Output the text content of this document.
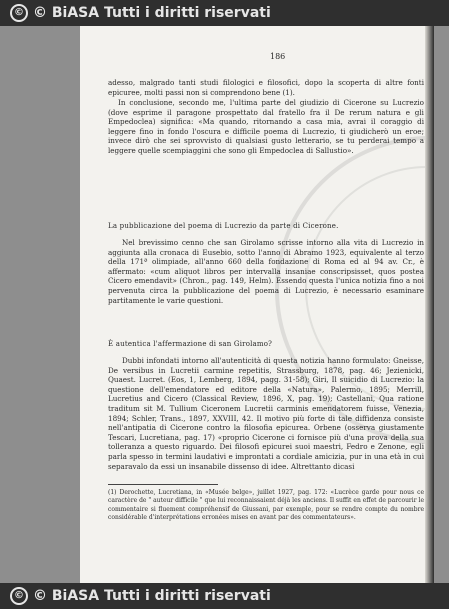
© © BiASA Tutti i diritti riservati
186
adesso, malgrado tanti studi filologici e filosofici, dopo la scoperta di altre fonti epicuree, molti passi non si comprendono bene (1).
In conclusione, secondo me, l'ultima parte del giudizio di Cicerone su Lucrezio (dove esprime il paragone prospettato dal fratello fra il De rerum natura e gli Empedoclea) significa: «Ma quando, ritornando a casa mia, avrai il coraggio di leggere fino in fondo l'oscura e difficile poema di Lucrezio, ti giudicherò un eroe; invece dirò che sei sprovvisto di qualsiasi gusto letterario, se tu perderai tempo a leggere quelle scempiaggini che sono gli Empedoclea di Sallustio».
La pubblicazione del poema di Lucrezio da parte di Cicerone.
Nel brevissimo cenno che san Girolamo scrisse intorno alla vita di Lucrezio in aggiunta alla cronaca di Eusebio, sotto l'anno di Abramo 1923, equivalente al terzo della 171ª olimpiade, all'anno 660 della fondazione di Roma ed al 94 av. Cr., è affermato: «cum aliquot libros per intervalla insaniae conscripsisset, quos postea Cicero emendavit» (Chron., pag. 149, Helm). Essendo questa l'unica notizia fino a noi pervenuta circa la pubblicazione del poema di Lucrezio, è necessario esaminare partitamente le varie questioni.
È autentica l'affermazione di san Girolamo?
Dubbi infondati intorno all'autenticità di questa notizia hanno formulato: Gneisse, De versibus in Lucretii carmine repetitis, Strassburg, 1878, pag. 46; Jezienicki, Quaest. Lucret. (Eos, 1, Lemberg, 1894, pagg. 31-58); Giri, Il suicidio di Lucrezio: la questione dell'emendatore ed editore della «Natura», Palermo, 1895; Merrill, Lucretius and Cicero (Classical Review, 1896, X, pag. 19); Castellani, Qua ratione traditum sit M. Tullium Ciceronem Lucretii carminis emendatorem fuisse, Venezia, 1894; Schler, Trans., 1897, XXVIII, 42. Il motivo più forte di tale diffidenza consiste nell'antipatia di Cicerone contro la filosofia epicurea. Orbene (osserva giustamente Tescari, Lucretiana, pag. 17) «proprio Cicerone ci fornisce più d'una prova della sua tolleranza a questo riguardo. Dei filosofi epicurei suoi maestri, Fedro e Zenone, egli parla spesso in termini laudativi e improntati a cordiale amicizia, pur in una età in cui separavalo da essi un insanabile dissenso di idee. Altrettanto dicasi
(1) Derochette, Lucretiana, in «Musée belge», juillet 1927, pag. 172: «Lucrèce garde pour nous ce caractère de " auteur difficile " que lui reconnaissaient déjà les anciens. Il suffit en effet de parcourir le commentaire si fluement compréhensif de Giussani, par exemple, pour se rendre compte du nombre considérable d'interprétations erronées mises en avant par des commentateurs».
© © BiASA Tutti i diritti riservati
